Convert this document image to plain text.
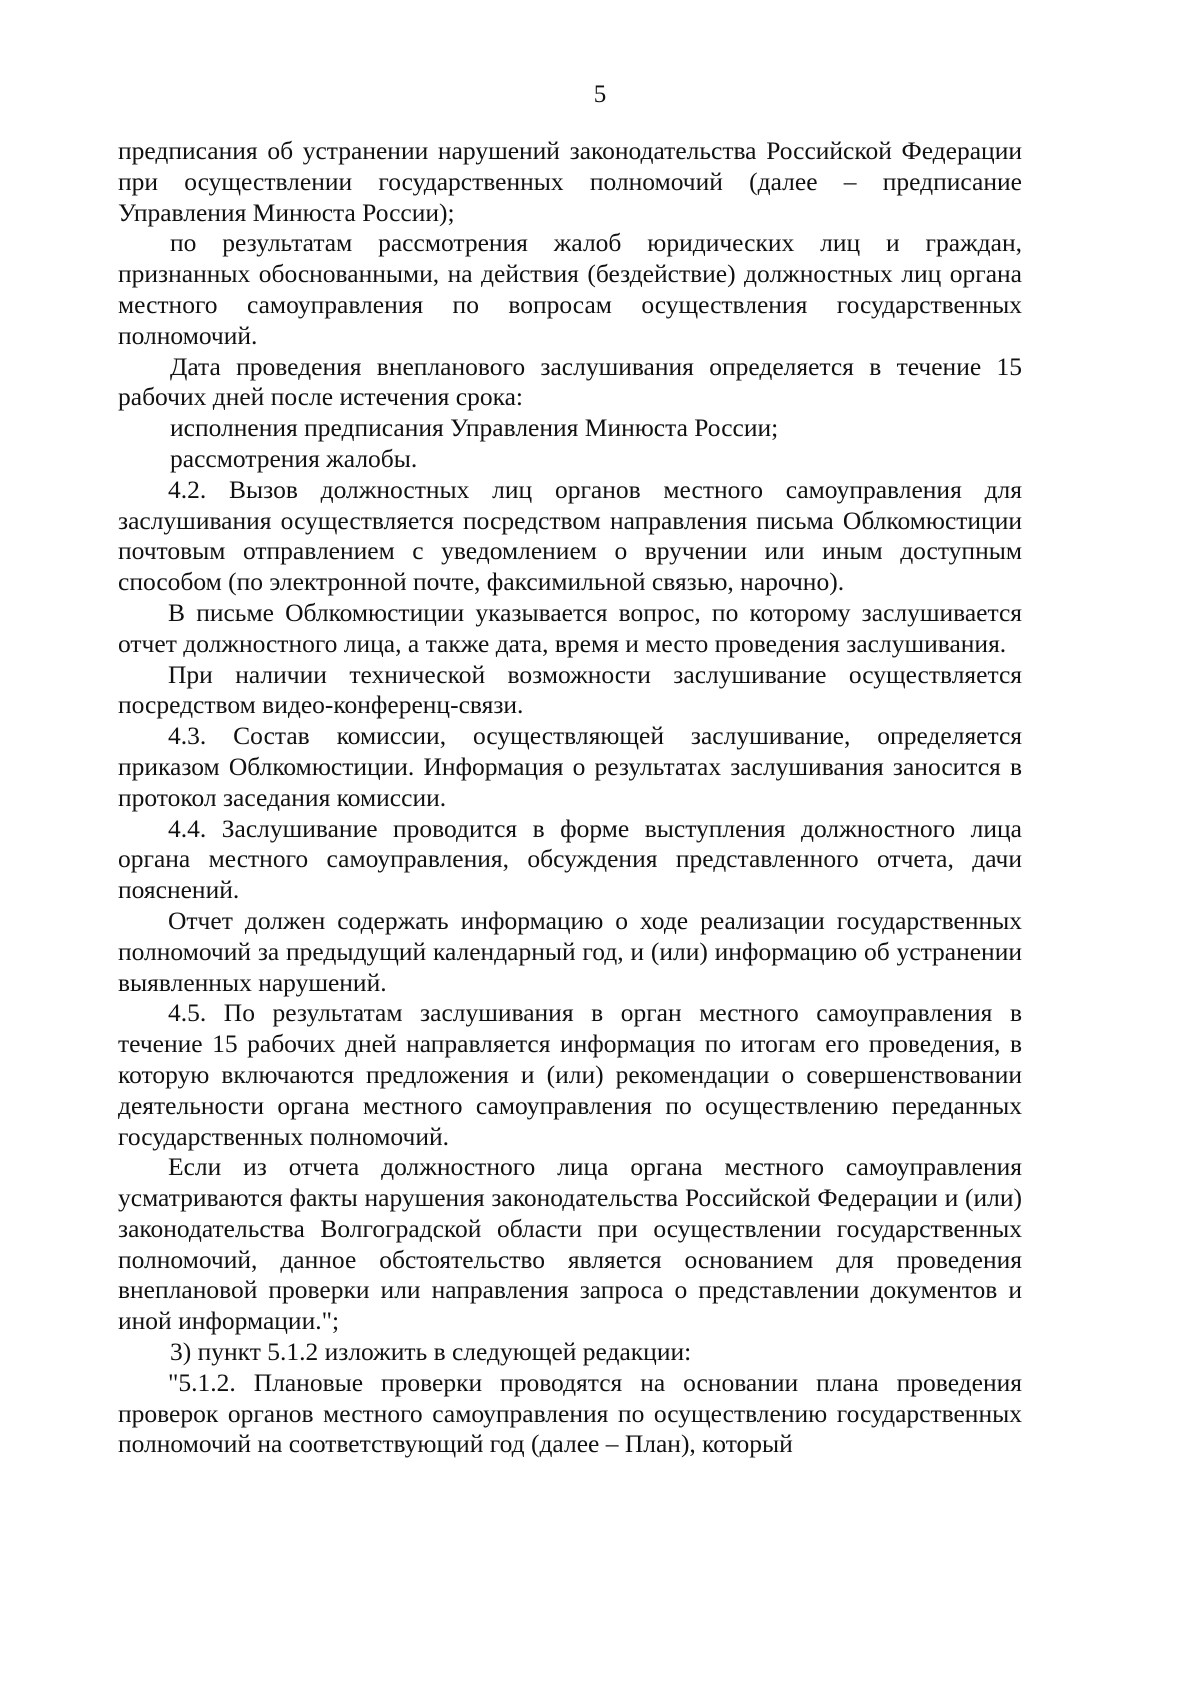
5

предписания об устранении нарушений законодательства Российской Федерации при осуществлении государственных полномочий (далее – предписание Управления Минюста России);

по результатам рассмотрения жалоб юридических лиц и граждан, признанных обоснованными, на действия (бездействие) должностных лиц органа местного самоуправления по вопросам осуществления государственных полномочий.

Дата проведения внепланового заслушивания определяется в течение 15 рабочих дней после истечения срока:

исполнения предписания Управления Минюста России;

рассмотрения жалобы.

4.2. Вызов должностных лиц органов местного самоуправления для заслушивания осуществляется посредством направления письма Облкомюстиции почтовым отправлением с уведомлением о вручении или иным доступным способом (по электронной почте, факсимильной связью, нарочно).

В письме Облкомюстиции указывается вопрос, по которому заслушивается отчет должностного лица, а также дата, время и место проведения заслушивания.

При наличии технической возможности заслушивание осуществляется посредством видео-конференц-связи.

4.3. Состав комиссии, осуществляющей заслушивание, определяется приказом Облкомюстиции. Информация о результатах заслушивания заносится в протокол заседания комиссии.

4.4. Заслушивание проводится в форме выступления должностного лица органа местного самоуправления, обсуждения представленного отчета, дачи пояснений.

Отчет должен содержать информацию о ходе реализации государственных полномочий за предыдущий календарный год, и (или) информацию об устранении выявленных нарушений.

4.5. По результатам заслушивания в орган местного самоуправления в течение 15 рабочих дней направляется информация по итогам его проведения, в которую включаются предложения и (или) рекомендации о совершенствовании деятельности органа местного самоуправления по осуществлению переданных государственных полномочий.

Если из отчета должностного лица органа местного самоуправления усматриваются факты нарушения законодательства Российской Федерации и (или) законодательства Волгоградской области при осуществлении государственных полномочий, данное обстоятельство является основанием для проведения внеплановой проверки или направления запроса о представлении документов и иной информации.";

3) пункт 5.1.2 изложить в следующей редакции:

"5.1.2. Плановые проверки проводятся на основании плана проведения проверок органов местного самоуправления по осуществлению государственных полномочий на соответствующий год (далее – План), который
